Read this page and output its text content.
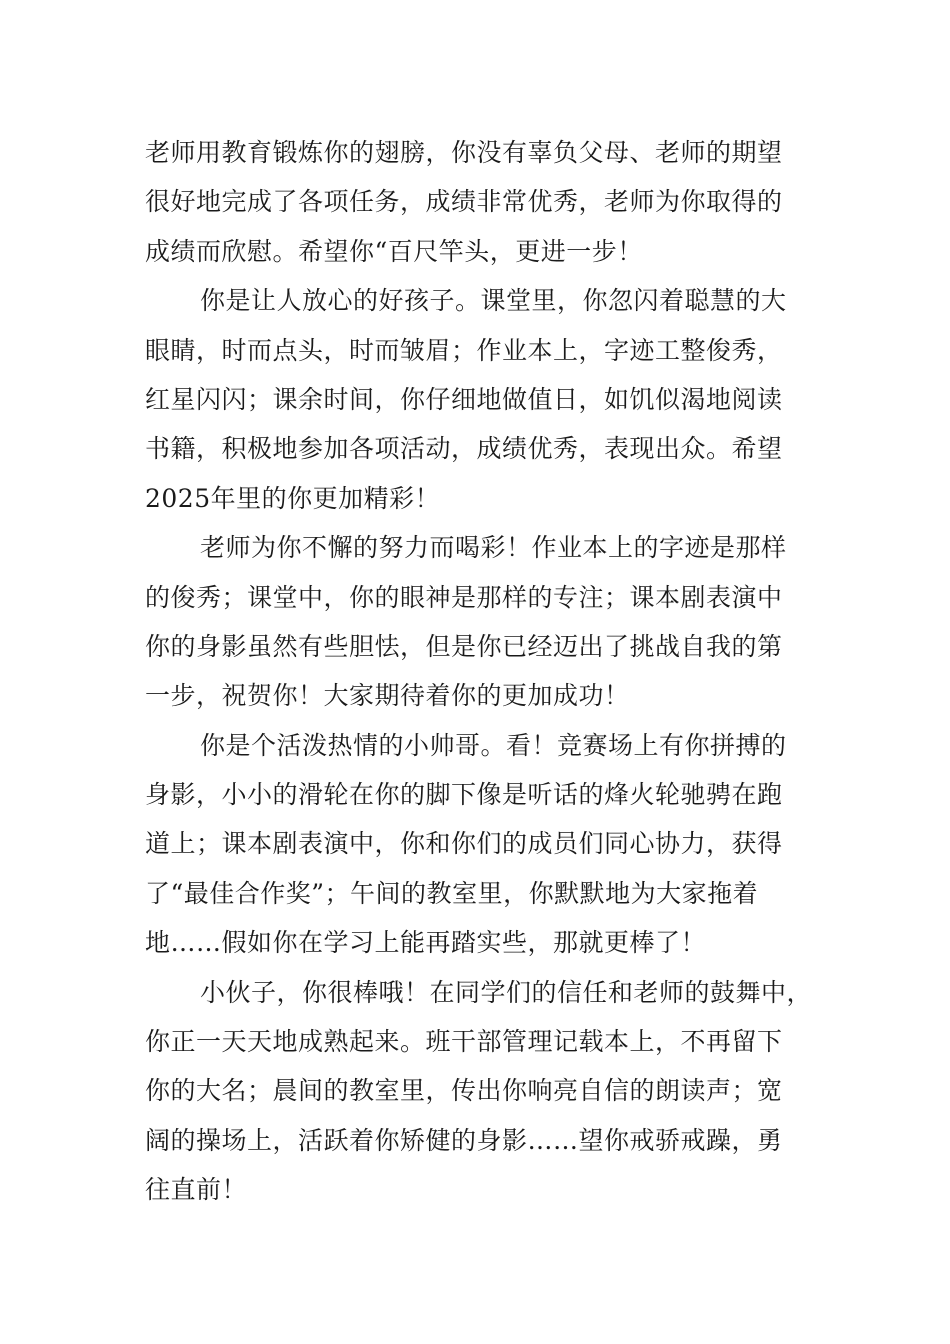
老师用教育锻炼你的翅膀，你没有辜负父母、老师的期望
很好地完成了各项任务，成绩非常优秀，老师为你取得的
成绩而欣慰。希望你“百尺竿头，更进一步！
你是让人放心的好孩子。课堂里，你忽闪着聪慧的大
眼睛，时而点头，时而皱眉；作业本上，字迹工整俊秀，
红星闪闪；课余时间，你仔细地做值日，如饥似渴地阅读
书籍，积极地参加各项活动，成绩优秀，表现出众。希望
2025年里的你更加精彩！
老师为你不懈的努力而喝彩！作业本上的字迹是那样
的俊秀；课堂中，你的眼神是那样的专注；课本剧表演中
你的身影虽然有些胆怯，但是你已经迈出了挑战自我的第
一步，祝贺你！大家期待着你的更加成功！
你是个活泼热情的小帅哥。看！竞赛场上有你拼搏的
身影，小小的滑轮在你的脚下像是听话的烽火轮驰骋在跑
道上；课本剧表演中，你和你们的成员们同心协力，获得
了“最佳合作奖”；午间的教室里，你默默地为大家拖着
地……假如你在学习上能再踏实些，那就更棒了！
小伙子，你很棒哦！在同学们的信任和老师的鼓舞中，
你正一天天地成熟起来。班干部管理记载本上，不再留下
你的大名；晨间的教室里，传出你响亮自信的朗读声；宽
阔的操场上，活跃着你矫健的身影……望你戒骄戒躁，勇
往直前！
